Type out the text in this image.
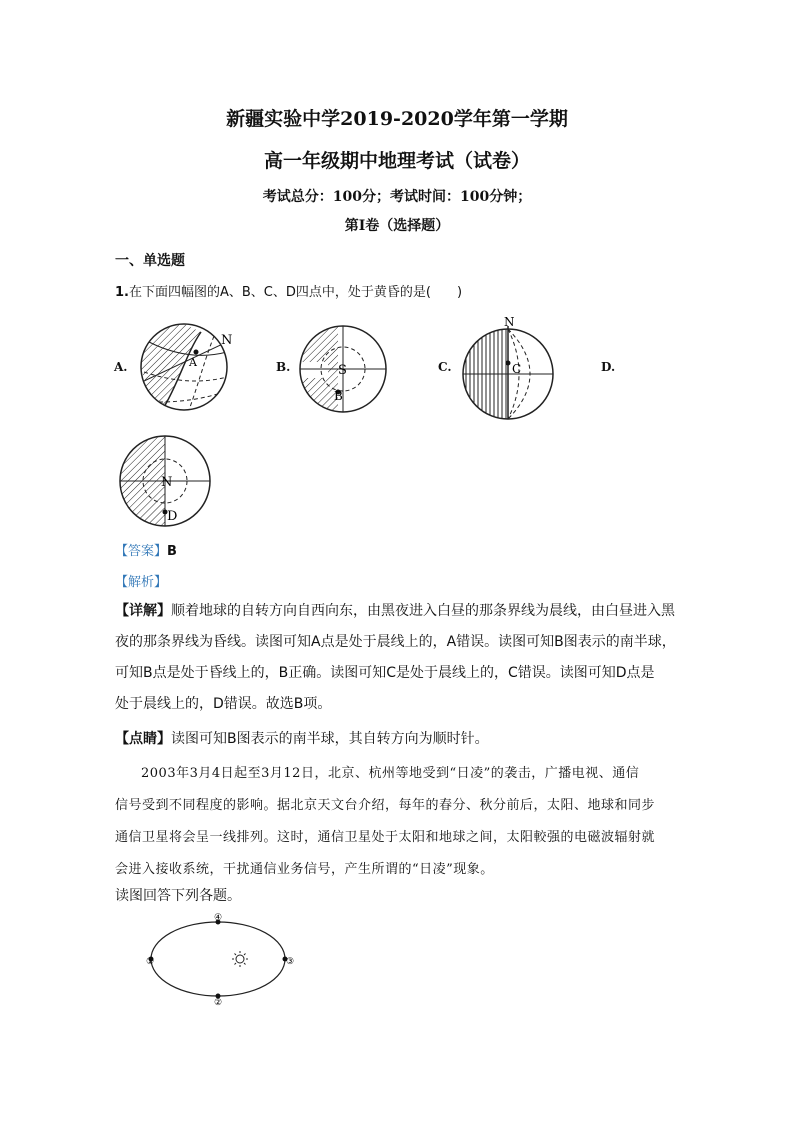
新疆实验中学2019-2020学年第一学期
高一年级期中地理考试（试卷）
考试总分：100分；考试时间：100分钟；
第I卷（选择题）
一、单选题
1.在下面四幅图的A、B、C、D四点中，处于黄昏的是(　　)
A.	B.	C.	D.
A
N
S
B
N
C
N
D
【答案】B
【解析】
【详解】顺着地球的自转方向自西向东，由黑夜进入白昼的那条界线为晨线，由白昼进入黑
夜的那条界线为昏线。读图可知A点是处于晨线上的，A错误。读图可知B图表示的南半球，
可知B点是处于昏线上的，B正确。读图可知C是处于晨线上的，C错误。读图可知D点是
处于晨线上的，D错误。故选B项。
【点睛】读图可知B图表示的南半球，其自转方向为顺时针。
2003年3月4日起至3月12日，北京、杭州等地受到“日凌”的袭击，广播电视、通信
信号受到不同程度的影响。据北京天文台介绍，每年的春分、秋分前后，太阳、地球和同步
通信卫星将会呈一线排列。这时，通信卫星处于太阳和地球之间，太阳較强的电磁波辐射就
会进入接收系统，干扰通信业务信号，产生所谓的“日凌”现象。
读图回答下列各题。
①
②
③
④
